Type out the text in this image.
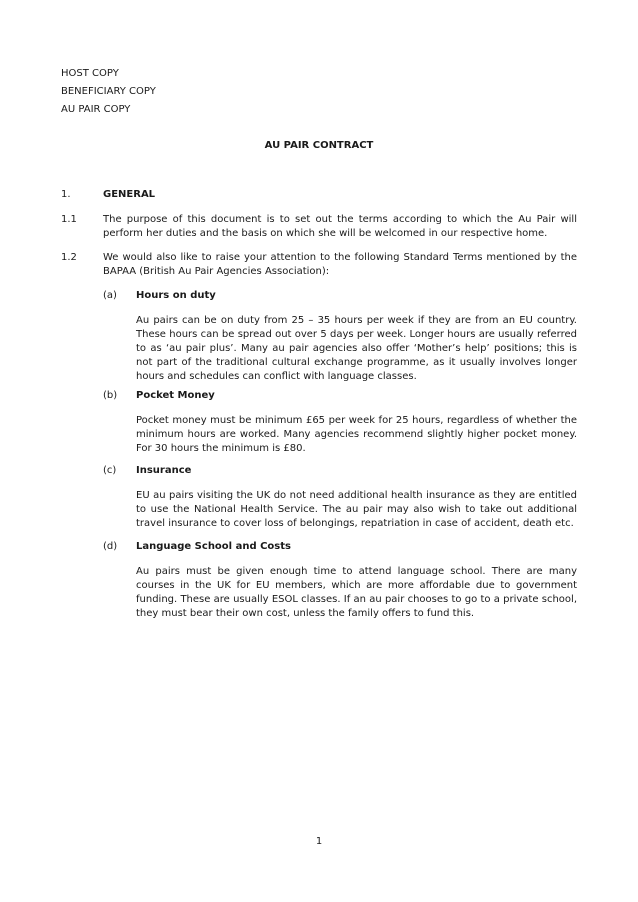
HOST COPY
BENEFICIARY COPY
AU PAIR COPY
AU PAIR CONTRACT
1.	GENERAL
1.1	The purpose of this document is to set out the terms according to which the Au Pair will perform her duties and the basis on which she will be welcomed in our respective home.
1.2	We would also like to raise your attention to the following Standard Terms mentioned by the BAPAA (British Au Pair Agencies Association):
(a) Hours on duty
Au pairs can be on duty from 25 – 35 hours per week if they are from an EU country. These hours can be spread out over 5 days per week. Longer hours are usually referred to as ‘au pair plus’. Many au pair agencies also offer ‘Mother’s help’ positions; this is not part of the traditional cultural exchange programme, as it usually involves longer hours and schedules can conflict with language classes.
(b) Pocket Money
Pocket money must be minimum £65 per week for 25 hours, regardless of whether the minimum hours are worked. Many agencies recommend slightly higher pocket money. For 30 hours the minimum is £80.
(c) Insurance
EU au pairs visiting the UK do not need additional health insurance as they are entitled to use the National Health Service. The au pair may also wish to take out additional travel insurance to cover loss of belongings, repatriation in case of accident, death etc.
(d) Language School and Costs
Au pairs must be given enough time to attend language school. There are many courses in the UK for EU members, which are more affordable due to government funding. These are usually ESOL classes. If an au pair chooses to go to a private school, they must bear their own cost, unless the family offers to fund this.
1
